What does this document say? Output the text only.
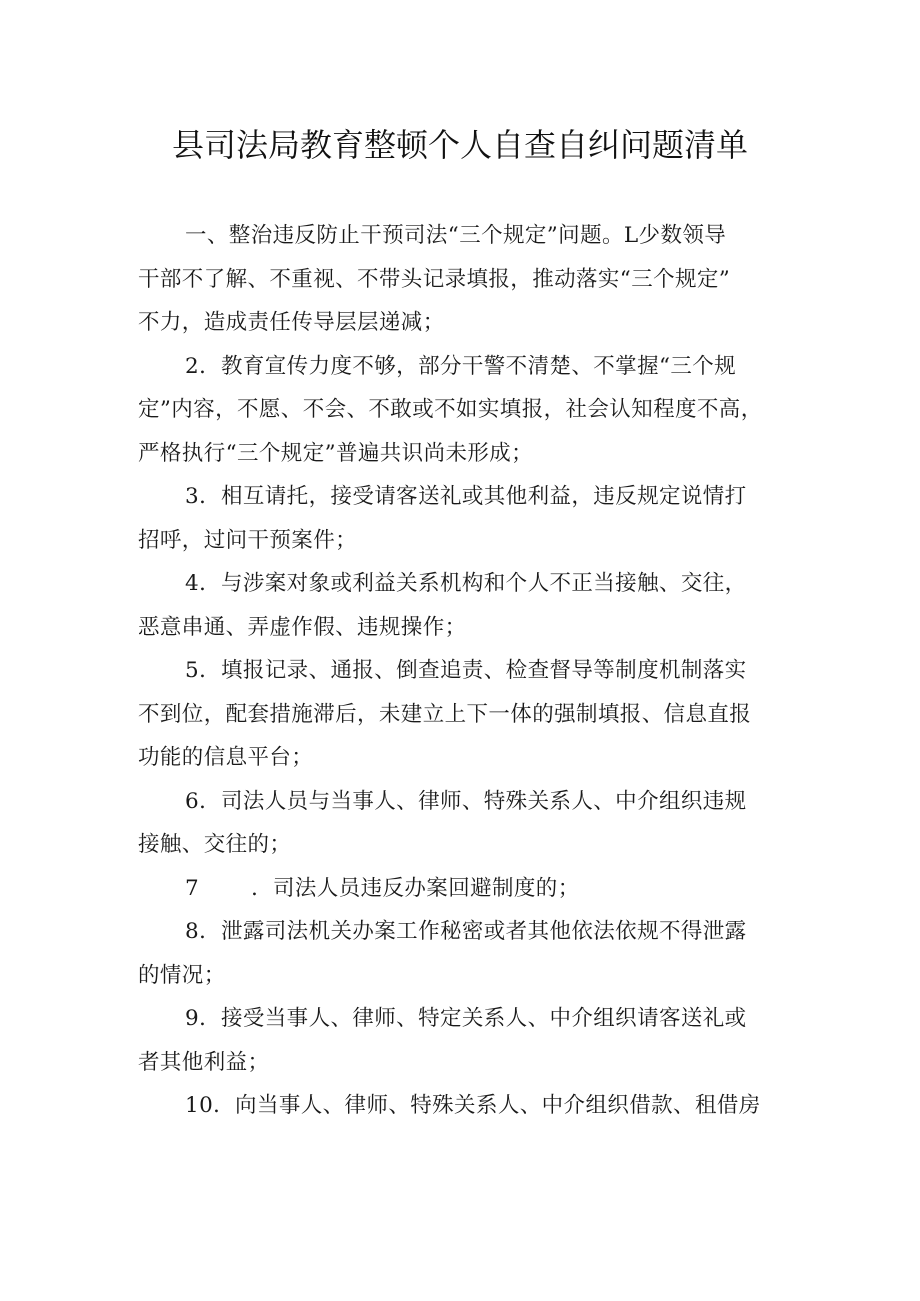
县司法局教育整顿个人自查自纠问题清单

一、整治违反防止干预司法“三个规定”问题。L少数领导
干部不了解、不重视、不带头记录填报，推动落实“三个规定”
不力，造成责任传导层层递减；

2．教育宣传力度不够，部分干警不清楚、不掌握“三个规
定”内容，不愿、不会、不敢或不如实填报，社会认知程度不高，
严格执行“三个规定”普遍共识尚未形成；

3．相互请托，接受请客送礼或其他利益，违反规定说情打
招呼，过问干预案件；

4．与涉案对象或利益关系机构和个人不正当接触、交往，
恶意串通、弄虚作假、违规操作；

5．填报记录、通报、倒查追责、检查督导等制度机制落实
不到位，配套措施滞后，未建立上下一体的强制填报、信息直报
功能的信息平台；

6．司法人员与当事人、律师、特殊关系人、中介组织违规
接触、交往的；

7 ．司法人员违反办案回避制度的；

8．泄露司法机关办案工作秘密或者其他依法依规不得泄露
的情况；

9．接受当事人、律师、特定关系人、中介组织请客送礼或
者其他利益；

10．向当事人、律师、特殊关系人、中介组织借款、租借房
